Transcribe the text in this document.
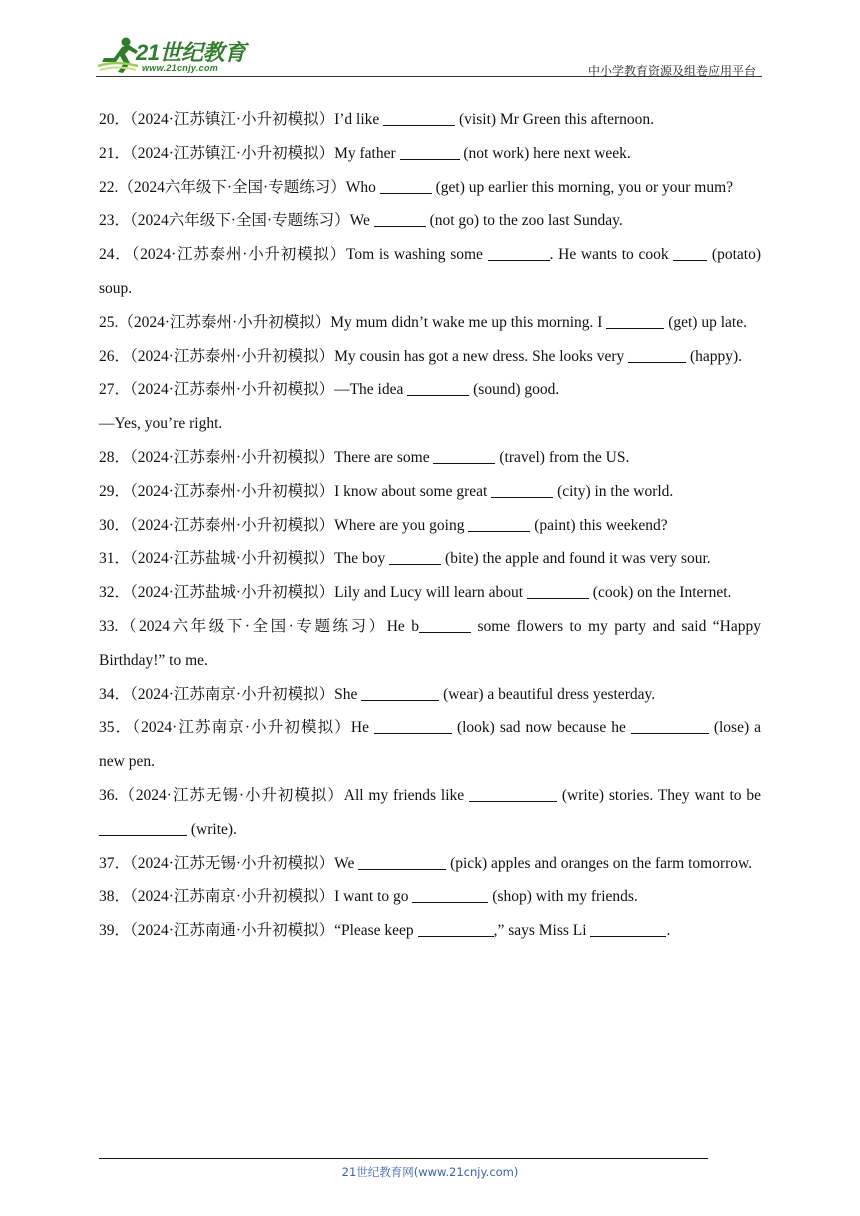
21世纪教育
www.21cnjy.com	中小学教育资源及组卷应用平台
20．（2024·江苏镇江·小升初模拟）I’d like	(visit) Mr Green this afternoon.
21．（2024·江苏镇江·小升初模拟）My father	(not work) here next week.
22.（2024六年级下·全国·专题练习）Who	(get) up earlier this morning, you or your mum?
23．（2024六年级下·全国·专题练习）We	(not go) to the zoo last Sunday.
24．（2024·江苏泰州·小升初模拟）Tom is washing some	. He wants to cook  (potato) soup.
25.（2024·江苏泰州·小升初模拟）My mum didn’t wake me up this morning. I	(get) up late.
26．（2024·江苏泰州·小升初模拟）My cousin has got a new dress. She looks very	(happy).
27．（2024·江苏泰州·小升初模拟）—The idea	(sound) good.
—Yes, you’re right.
28．（2024·江苏泰州·小升初模拟）There are some	(travel) from the US.
29．（2024·江苏泰州·小升初模拟）I know about some great	(city) in the world.
30．（2024·江苏泰州·小升初模拟）Where are you going	(paint) this weekend?
31．（2024·江苏盐城·小升初模拟）The boy	(bite) the apple and found it was very sour.
32．（2024·江苏盐城·小升初模拟）Lily and Lucy will learn about	(cook) on the Internet.
33.（2024六年级下·全国·专题练习）He b	some flowers to my party and said “Happy Birthday!” to me.
34．（2024·江苏南京·小升初模拟）She	(wear) a beautiful dress yesterday.
35．（2024·江苏南京·小升初模拟）He	(look) sad now because he	(lose) a new pen.
36.（2024·江苏无锡·小升初模拟）All my friends like	(write) stories. They want to be  (write).
37．（2024·江苏无锡·小升初模拟）We	(pick) apples and oranges on the farm tomorrow.
38．（2024·江苏南京·小升初模拟）I want to go	(shop) with my friends.
39．（2024·江苏南通·小升初模拟）“Please keep	,” says Miss Li	.
21世纪教育网(www.21cnjy.com)
